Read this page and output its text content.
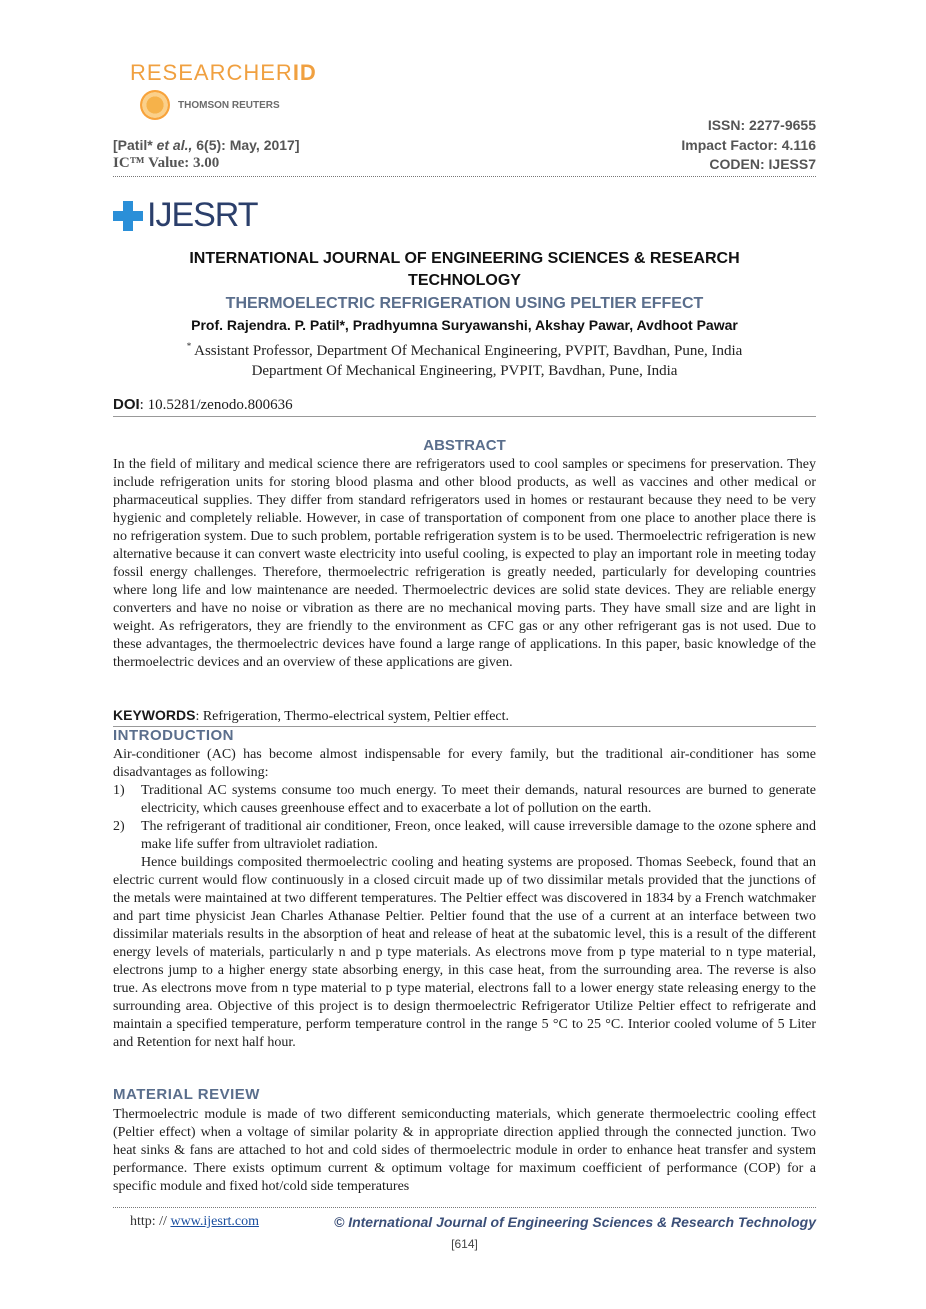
RESEARCHERID
THOMSON REUTERS
ISSN: 2277-9655
[Patil* et al., 6(5): May, 2017]	Impact Factor: 4.116
IC™ Value: 3.00	CODEN: IJESS7
IJESRT
INTERNATIONAL JOURNAL OF ENGINEERING SCIENCES & RESEARCH
TECHNOLOGY
THERMOELECTRIC REFRIGERATION USING PELTIER EFFECT
Prof. Rajendra. P. Patil*, Pradhyumna Suryawanshi, Akshay Pawar, Avdhoot Pawar
* Assistant Professor, Department Of Mechanical Engineering, PVPIT, Bavdhan, Pune, India
Department Of Mechanical Engineering, PVPIT, Bavdhan, Pune, India
DOI: 10.5281/zenodo.800636
ABSTRACT
In the field of military and medical science there are refrigerators used to cool samples or specimens for preservation. They include refrigeration units for storing blood plasma and other blood products, as well as vaccines and other medical or pharmaceutical supplies. They differ from standard refrigerators used in homes or restaurant because they need to be very hygienic and completely reliable. However, in case of transportation of component from one place to another place there is no refrigeration system. Due to such problem, portable refrigeration system is to be used. Thermoelectric refrigeration is new alternative because it can convert waste electricity into useful cooling, is expected to play an important role in meeting today fossil energy challenges. Therefore, thermoelectric refrigeration is greatly needed, particularly for developing countries where long life and low maintenance are needed. Thermoelectric devices are solid state devices. They are reliable energy converters and have no noise or vibration as there are no mechanical moving parts. They have small size and are light in weight. As refrigerators, they are friendly to the environment as CFC gas or any other refrigerant gas is not used. Due to these advantages, the thermoelectric devices have found a large range of applications. In this paper, basic knowledge of the thermoelectric devices and an overview of these applications are given.
KEYWORDS: Refrigeration, Thermo-electrical system, Peltier effect.
INTRODUCTION
Air-conditioner (AC) has become almost indispensable for every family, but the traditional air-conditioner has some disadvantages as following:
1)	Traditional AC systems consume too much energy. To meet their demands, natural resources are burned to generate electricity, which causes greenhouse effect and to exacerbate a lot of pollution on the earth.
2)	The refrigerant of traditional air conditioner, Freon, once leaked, will cause irreversible damage to the ozone sphere and make life suffer from ultraviolet radiation.
Hence buildings composited thermoelectric cooling and heating systems are proposed. Thomas Seebeck, found that an electric current would flow continuously in a closed circuit made up of two dissimilar metals provided that the junctions of the metals were maintained at two different temperatures. The Peltier effect was discovered in 1834 by a French watchmaker and part time physicist Jean Charles Athanase Peltier. Peltier found that the use of a current at an interface between two dissimilar materials results in the absorption of heat and release of heat at the subatomic level, this is a result of the different energy levels of materials, particularly n and p type materials. As electrons move from p type material to n type material, electrons jump to a higher energy state absorbing energy, in this case heat, from the surrounding area. The reverse is also true. As electrons move from n type material to p type material, electrons fall to a lower energy state releasing energy to the surrounding area. Objective of this project is to design thermoelectric Refrigerator Utilize Peltier effect to refrigerate and maintain a specified temperature, perform temperature control in the range 5 °C to 25 °C. Interior cooled volume of 5 Liter and Retention for next half hour.
MATERIAL REVIEW
Thermoelectric module is made of two different semiconducting materials, which generate thermoelectric cooling effect (Peltier effect) when a voltage of similar polarity & in appropriate direction applied through the connected junction. Two heat sinks & fans are attached to hot and cold sides of thermoelectric module in order to enhance heat transfer and system performance. There exists optimum current & optimum voltage for maximum coefficient of performance (COP) for a specific module and fixed hot/cold side temperatures
http: // www.ijesrt.com	© International Journal of Engineering Sciences & Research Technology
[614]
